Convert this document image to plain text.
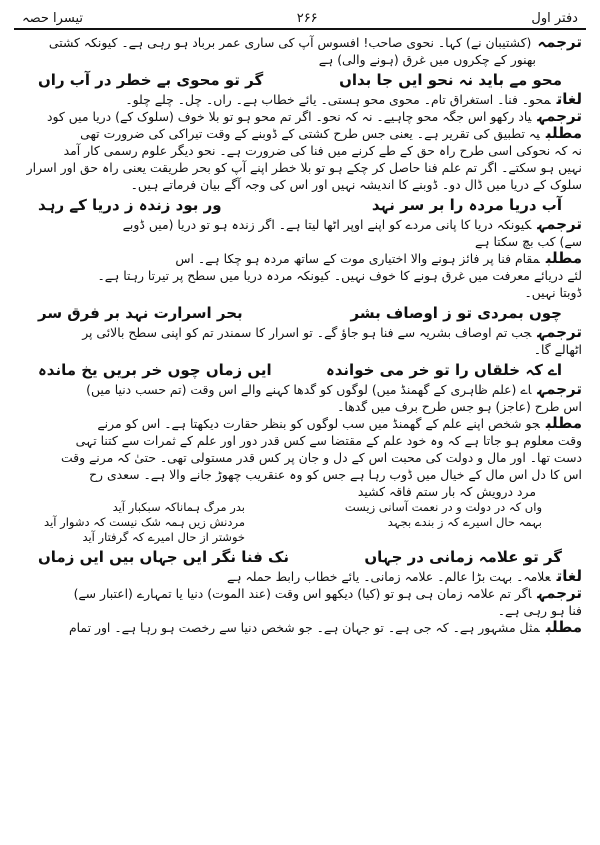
تیسرا حصہ	۲۶۶	دفتر اول
ترجمہ(کشتیبان نے) کہا۔ نحوی صاحب! افسوس آپ کی ساری عمر برباد ہو رہی ہے۔ کیونکہ کشتی
بھنور کے چکروں میں غرق (ہونے والی) ہے
محو مے باید نہ نحو ایں جا بداں
گر تو محوی بے خطر در آب راں
لغاتمحو۔ فنا۔ استغراق تام۔ محوی محو ہستی۔ یائے خطاب ہے۔ راں۔ چل۔ چلے چلو۔
ترجمہیاد رکھو اس جگہ محو چاہیے۔ نہ کہ نحو۔ اگر تم محو ہو تو بلا خوف (سلوک کے) دریا میں کود
مطلبیہ تطبیق کی تقریر ہے۔ یعنی جس طرح کشتی کے ڈوبنے کے وقت تیراکی کی ضرورت تھی
نہ کہ نحوکی اسی طرح راہ حق کے طے کرنے میں فنا کی ضرورت ہے۔ نحو دیگر علوم رسمی کار آمد
نہیں ہو سکتے۔ اگر تم علم فنا حاصل کر چکے ہو تو بلا خطر اپنے آپ کو بحر طریقت یعنی راہ حق اور اسرار
سلوک کے دریا میں ڈال دو۔ ڈوبنے کا اندیشہ نہیں اور اس کی وجہ آگے بیان فرماتے ہیں۔
آب دریا مردہ را بر سر نہد
ور بود زندہ ز دریا کے رہد
ترجمہکیونکہ دریا کا پانی مردے کو اپنے اوپر اٹھا لیتا ہے۔ اگر زندہ ہو تو دریا (میں ڈوبے
سے) کب بچ سکتا ہے
مطلبمقام فنا پر فائز ہونے والا اختیاری موت کے ساتھ مردہ ہو چکا ہے۔ اس
لئے دریائے معرفت میں غرق ہونے کا خوف نہیں۔ کیونکہ مردہ دریا میں سطح پر تیرتا رہتا ہے۔
ڈوبتا نہیں۔
چوں بمردی تو ز اوصاف بشر
بحر اسرارت نہد بر فرق سر
ترجمہجب تم اوصاف بشریہ سے فنا ہو جاؤ گے۔ تو اسرار کا سمندر تم کو اپنی سطح بالائی پر
اٹھالے گا۔
اے کہ خلقاں را تو خر می خواندہ
ایں زماں چوں خر بریں یخ ماندہ
ترجمہاے (علم ظاہری کے گھمنڈ میں) لوگوں کو گدھا کہنے والے اس وقت (تم حسب دنیا میں)
اس طرح (عاجز) ہو جس طرح برف میں گدھا۔
مطلبجو شخص اپنے علم کے گھمنڈ میں سب لوگوں کو بنظر حقارت دیکھتا ہے۔ اس کو مرنے
وقت معلوم ہو جاتا ہے کہ وہ خود علم کے مقتضا سے کس قدر دور اور علم کے ثمرات سے کتنا تہی
دست تھا۔ اور مال و دولت کی محبت اس کے دل و جان پر کس قدر مستولی تھی۔ حتیٰ کہ مرنے وقت
اس کا دل اس مال کے خیال میں ڈوب رہا ہے جس کو وہ عنقریب چھوڑ جانے والا ہے۔ سعدی رح
مرد درویش کہ بار ستم فاقہ کشید
واں کہ در دولت و در نعمت آسانی زیست
بدر مرگ ہماناکہ سبکبار آید
بہمہ حال اسیرے کہ ز بندے بجہد
مردنش زیں ہمہ شک نیست کہ دشوار آید
خوشتر از حال امیرے کہ گرفتار آید
گر تو علامہ زمانی در جہاں
نک فنا نگر ایں جہاں بیں ایں زماں
لغاتعلامہ۔ بہت بڑا عالم۔ علامہ زمانی۔ یائے خطاب رابط حملہ ہے
ترجمہاگر تم علامہ زمان ہی ہو تو (کیا) دیکھو اس وقت (عند الموت) دنیا یا تمہارے (اعتبار سے)
فنا ہو رہی ہے۔
مطلبمثل مشہور ہے۔ کہ جی ہے۔ تو جہان ہے۔ جو شخص دنیا سے رخصت ہو رہا ہے۔ اور تمام
